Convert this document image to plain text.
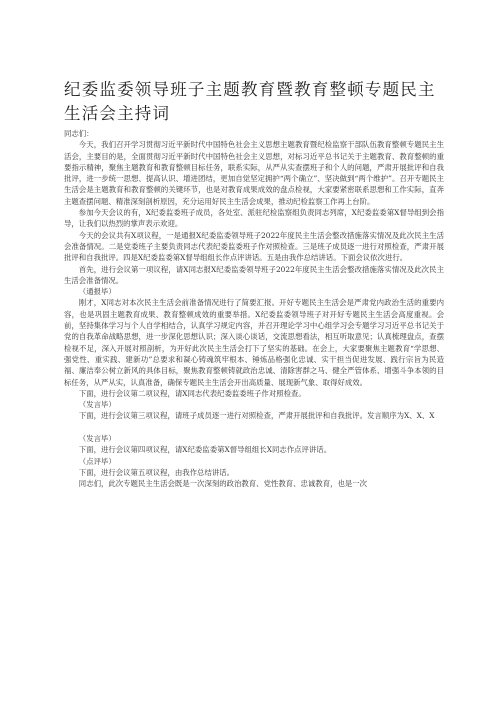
纪委监委领导班子主题教育暨教育整顿专题民主生活会主持词

同志们：

今天，我们召开学习贯彻习近平新时代中国特色社会主义思想主题教育暨纪检监察干部队伍教育整顿专题民主生活会，主要目的是，全面贯彻习近平新时代中国特色社会主义思想，对标习近平总书记关于主题教育、教育整顿的重要指示精神，聚焦主题教育和教育整顿目标任务，联系实际，从严从实查摆班子和个人的问题，严肃开展批评和自我批评，进一步统一思想、提高认识、增进团结，更加自觉坚定拥护“两个确立”、坚决做到“两个维护”。召开专题民主生活会是主题教育和教育整顿的关键环节，也是对教育成果成效的盘点检视，大家要紧密联系思想和工作实际，直奔主题查摆问题、精准深刻剖析原因，充分运用好民主生活会成果，推动纪检监察工作再上台阶。

参加今天会议的有，X纪委监委班子成员，各处室、派驻纪检监察组负责同志列席，X纪委监委第X督导组到会指导，让我们以热烈的掌声表示欢迎。

今天的会议共有X项议程，一是通报X纪委监委领导班子2022年度民主生活会整改措施落实情况及此次民主生活会准备情况。二是党委班子主要负责同志代表纪委监委班子作对照检查。三是班子成员逐一进行对照检查，严肃开展批评和自我批评。四是X纪委监委第X督导组组长作点评讲话。五是由我作总结讲话。下面会议依次进行。

首先，进行会议第一项议程，请X同志报X纪委监委领导班子2022年度民主生活会整改措施落实情况及此次民主生活会准备情况。

（通报毕）

刚才，X同志对本次民主生活会前准备情况进行了简要汇报。开好专题民主生活会是严肃党内政治生活的重要内容，也是巩固主题教育成果、教育整顿成效的重要举措。X纪委监委领导班子对开好专题民主生活会高度重视。会前，坚持集体学习与个人自学相结合，认真学习规定内容，并召开理论学习中心组学习会专题学习习近平总书记关于党的自我革命战略思想，进一步深化思想认识；深入谈心谈话，交流思想看法，相互听取意见；认真梳理盘点，查摆检视不足，深入开展对照剖析，为开好此次民主生活会打下了坚实的基础。在会上，大家要聚焦主题教育“学思想、强党性、重实践、建新功”总要求和凝心铸魂筑牢根本、锤炼品格强化忠诚、实干担当促进发展、践行宗旨为民造福、廉洁奉公树立新风的具体目标，聚焦教育整顿铸就政治忠诚、清除害群之马、健全严管体系、增强斗争本领的目标任务，从严从实，认真准备，确保专题民主生活会开出高质量、展现新气象、取得好成效。

下面，进行会议第二项议程，请X同志代表纪委监委班子作对照检查。

（发言毕）

下面，进行会议第三项议程，请班子成员逐一进行对照检查，严肃开展批评和自我批评。发言顺序为X、X、X

（发言毕）

下面，进行会议第四项议程，请X纪委监委第X督导组组长X同志作点评讲话。

（点评毕）

下面，进行会议第五项议程，由我作总结讲话。

同志们，此次专题民主生活会既是一次深刻的政治教育、党性教育、忠诚教育，也是一次
